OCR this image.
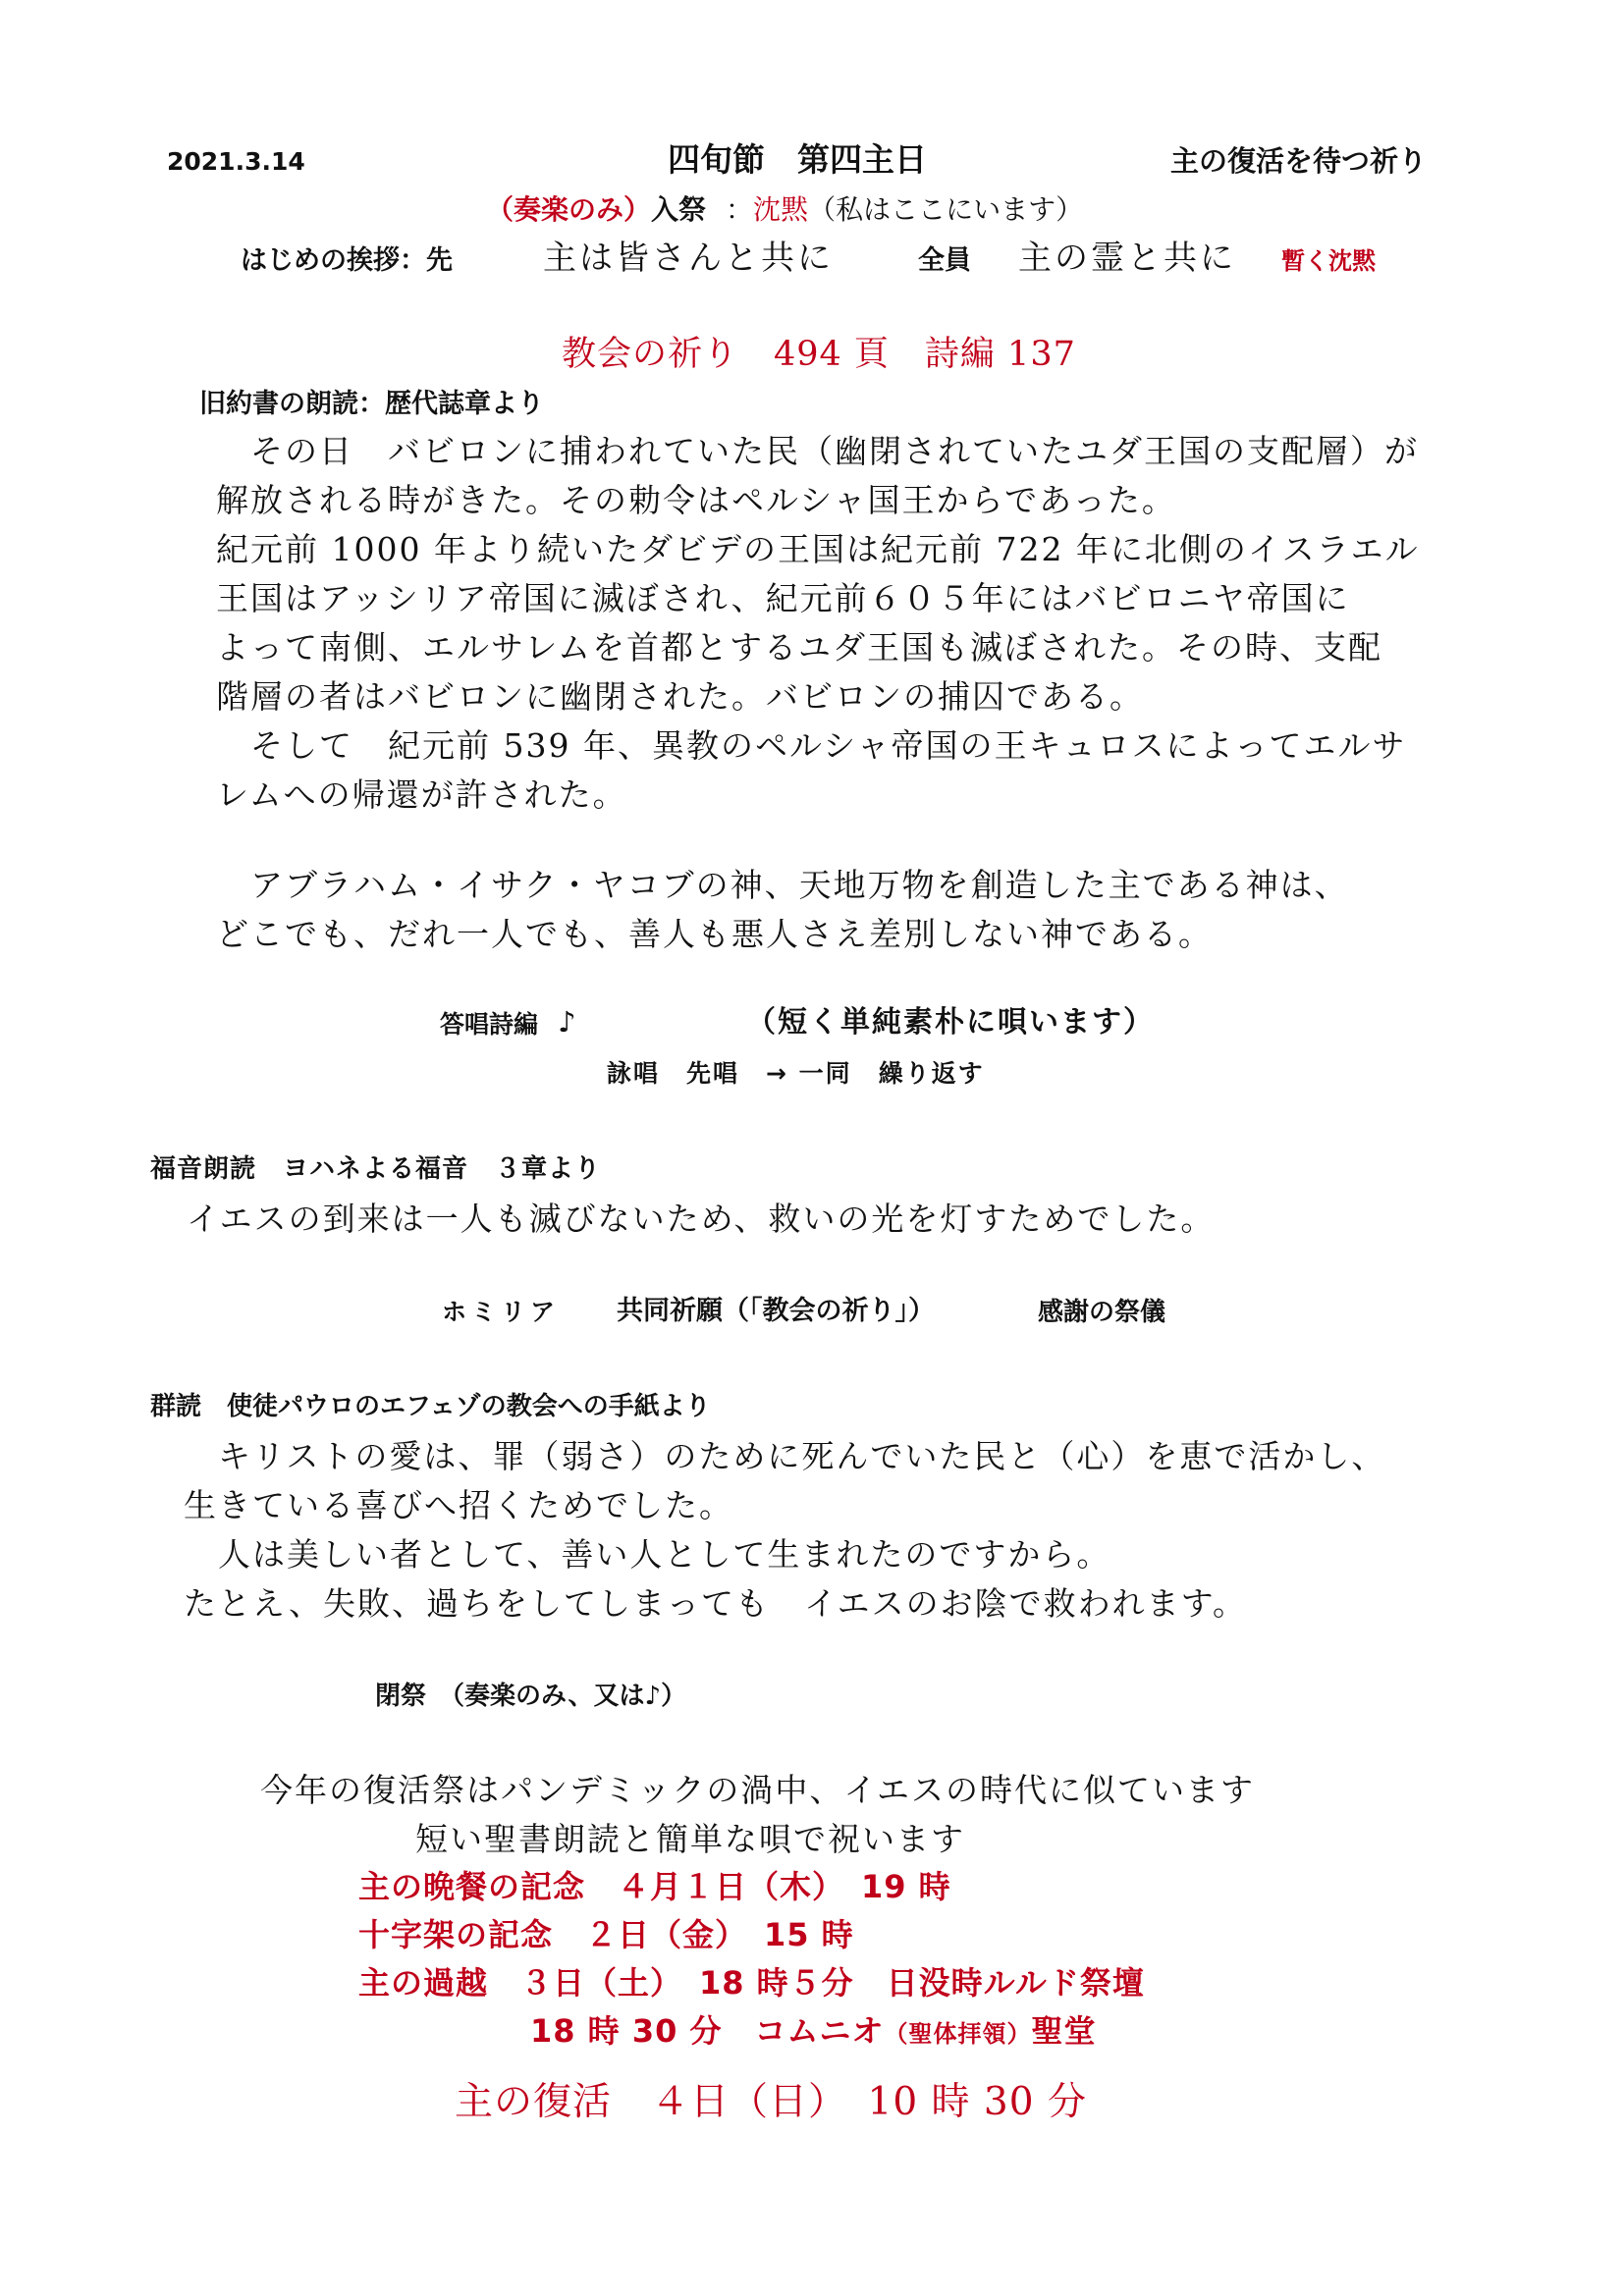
2021.3.14	四旬節　第四主日	主の復活を待つ祈り
（奏楽のみ）入祭 ：沈黙（私はここにいます）
はじめの挨拶：先	主は皆さんと共に	全員 主の霊と共に 暫く沈黙
教会の祈り　494 頁　詩編 137
旧約書の朗読：歴代誌章より
　その日　バビロンに捕われていた民（幽閉されていたユダ王国の支配層）が
解放される時がきた。その勅令はペルシャ国王からであった。
紀元前 1000 年より続いたダビデの王国は紀元前 722 年に北側のイスラエル
王国はアッシリア帝国に滅ぼされ、紀元前６０５年にはバビロニヤ帝国に
よって南側、エルサレムを首都とするユダ王国も滅ぼされた。その時、支配
階層の者はバビロンに幽閉された。バビロンの捕囚である。
　そして　紀元前 539 年、異教のペルシャ帝国の王キュロスによってエルサ
レムへの帰還が許された。
　アブラハム・イサク・ヤコブの神、天地万物を創造した主である神は、
どこでも、だれ一人でも、善人も悪人さえ差別しない神である。
答唱詩編 ♪	（短く単純素朴に唄います）
詠唱　先唱　→ 一同　繰り返す
福音朗読　ヨハネよる福音　３章より
イエスの到来は一人も滅びないため、救いの光を灯すためでした。
ホミリア 共同祈願（「教会の祈り」）	感謝の祭儀
群読　使徒パウロのエフェゾの教会への手紙より
　キリストの愛は、罪（弱さ）のために死んでいた民と（心）を恵で活かし、
生きている喜びへ招くためでした。
　人は美しい者として、善い人として生まれたのですから。
たとえ、失敗、過ちをしてしまっても　イエスのお陰で救われます。
閉祭　（奏楽のみ、又は♪）
今年の復活祭はパンデミックの渦中、イエスの時代に似ています
短い聖書朗読と簡単な唄で祝います
主の晩餐の記念　４月１日（木）　19 時
十字架の記念　２日（金）　15 時
主の過越　３日（土）　18 時５分　日没時ルルド祭壇
18 時 30 分　コムニオ（聖体拝領）聖堂
主の復活　４日（日）　10 時 30 分
